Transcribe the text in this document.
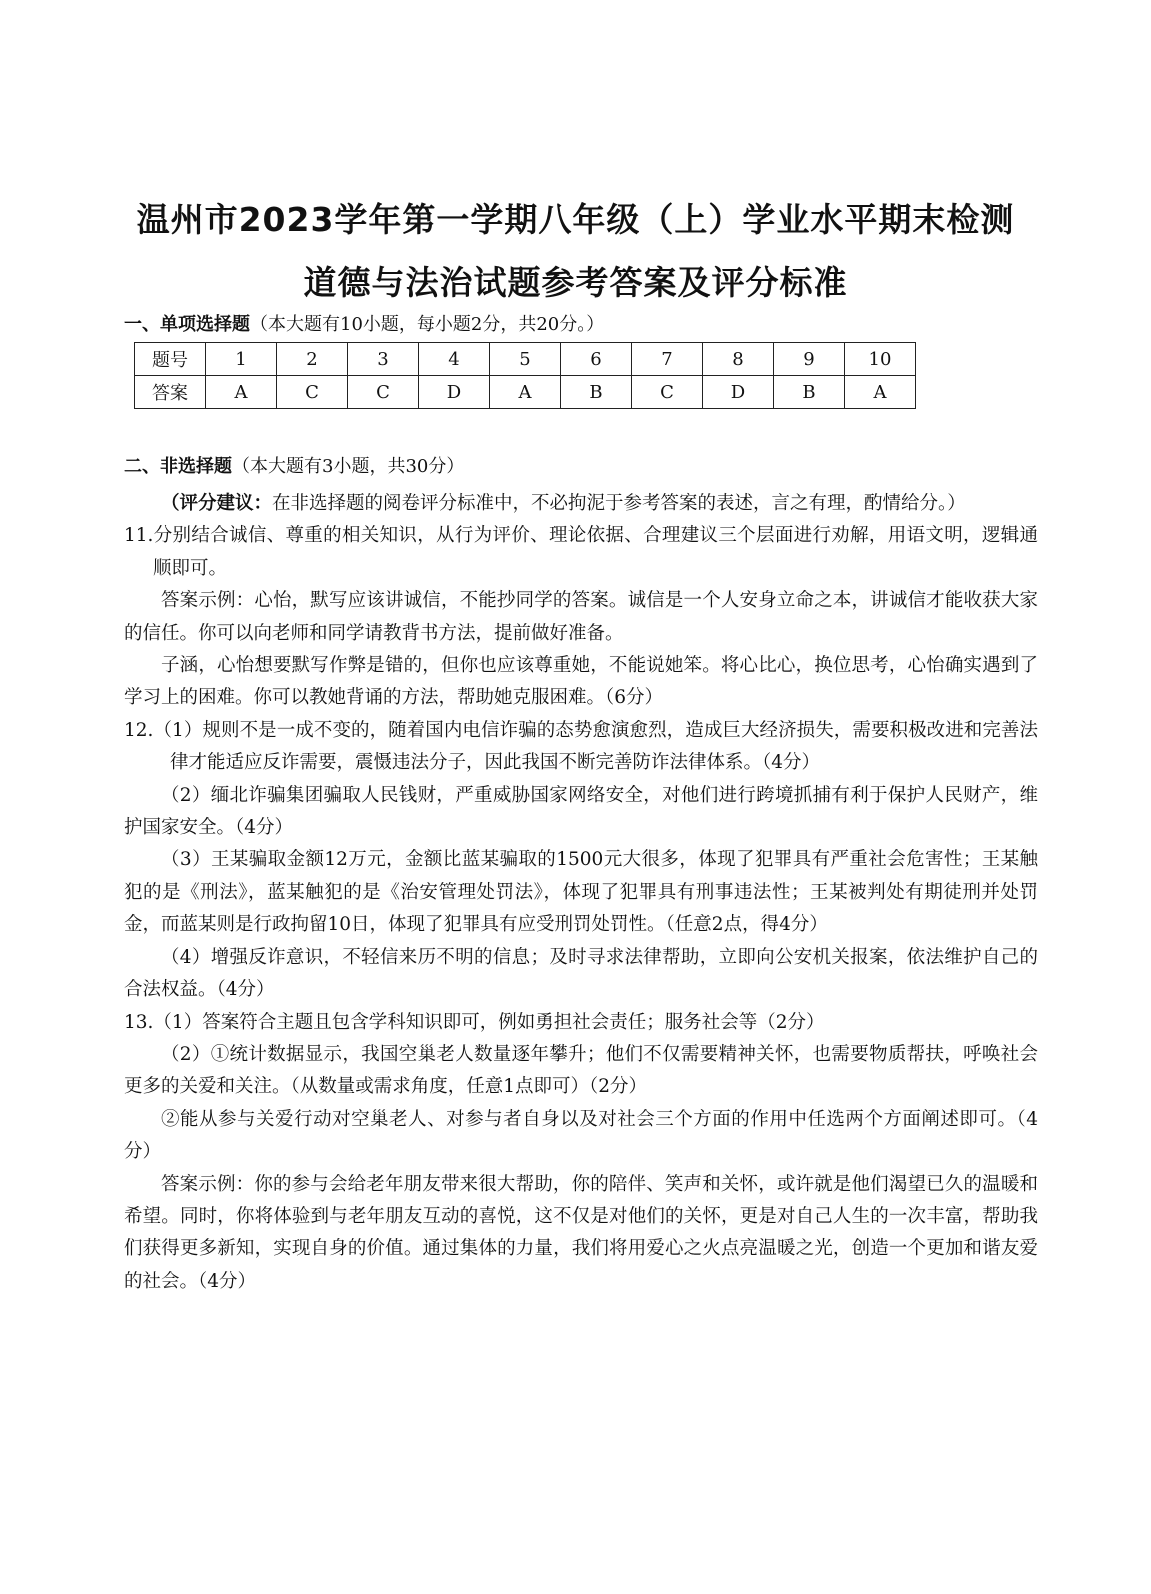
温州市2023学年第一学期八年级（上）学业水平期末检测
道德与法治试题参考答案及评分标准
一、单项选择题（本大题有10小题，每小题2分，共20分。）
题号	1	2	3	4	5	6	7	8	9	10
答案	A	C	C	D	A	B	C	D	B	A
二、非选择题（本大题有3小题，共30分）

（评分建议：在非选择题的阅卷评分标准中，不必拘泥于参考答案的表述，言之有理，酌情给分。）

11.分别结合诚信、尊重的相关知识，从行为评价、理论依据、合理建议三个层面进行劝解，用语文明，逻辑通顺即可。

答案示例：心怡，默写应该讲诚信，不能抄同学的答案。诚信是一个人安身立命之本，讲诚信才能收获大家的信任。你可以向老师和同学请教背书方法，提前做好准备。

子涵，心怡想要默写作弊是错的，但你也应该尊重她，不能说她笨。将心比心，换位思考，心怡确实遇到了学习上的困难。你可以教她背诵的方法，帮助她克服困难。（6分）

12.（1）规则不是一成不变的，随着国内电信诈骗的态势愈演愈烈，造成巨大经济损失，需要积极改进和完善法律才能适应反诈需要，震慑违法分子，因此我国不断完善防诈法律体系。（4分）

（2）缅北诈骗集团骗取人民钱财，严重威胁国家网络安全，对他们进行跨境抓捕有利于保护人民财产，维护国家安全。（4分）

（3）王某骗取金额12万元，金额比蓝某骗取的1500元大很多，体现了犯罪具有严重社会危害性；王某触犯的是《刑法》，蓝某触犯的是《治安管理处罚法》，体现了犯罪具有刑事违法性；王某被判处有期徒刑并处罚金，而蓝某则是行政拘留10日，体现了犯罪具有应受刑罚处罚性。（任意2点，得4分）

（4）增强反诈意识，不轻信来历不明的信息；及时寻求法律帮助，立即向公安机关报案，依法维护自己的合法权益。（4分）

13.（1）答案符合主题且包含学科知识即可，例如勇担社会责任；服务社会等（2分）

（2）①统计数据显示，我国空巢老人数量逐年攀升；他们不仅需要精神关怀，也需要物质帮扶，呼唤社会更多的关爱和关注。（从数量或需求角度，任意1点即可）（2分）

②能从参与关爱行动对空巢老人、对参与者自身以及对社会三个方面的作用中任选两个方面阐述即可。（4分）

答案示例：你的参与会给老年朋友带来很大帮助，你的陪伴、笑声和关怀，或许就是他们渴望已久的温暖和希望。同时，你将体验到与老年朋友互动的喜悦，这不仅是对他们的关怀，更是对自己人生的一次丰富，帮助我们获得更多新知，实现自身的价值。通过集体的力量，我们将用爱心之火点亮温暖之光，创造一个更加和谐友爱的社会。（4分）
